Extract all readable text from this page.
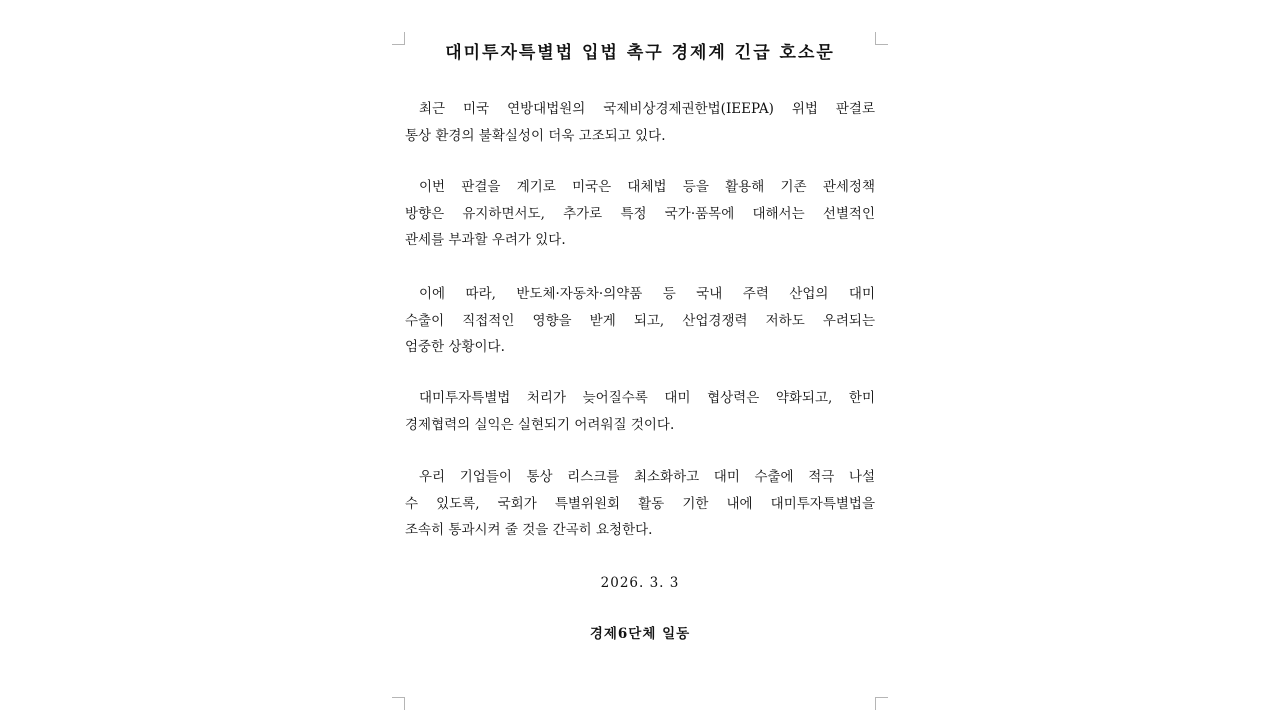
대미투자특별법 입법 촉구 경제계 긴급 호소문
최근 미국 연방대법원의 국제비상경제권한법(IEEPA) 위법 판결로
통상 환경의 불확실성이 더욱 고조되고 있다.
이번 판결을 계기로 미국은 대체법 등을 활용해 기존 관세정책
방향은 유지하면서도, 추가로 특정 국가·품목에 대해서는 선별적인
관세를 부과할 우려가 있다.
이에 따라, 반도체·자동차·의약품 등 국내 주력 산업의 대미
수출이 직접적인 영향을 받게 되고, 산업경쟁력 저하도 우려되는
엄중한 상황이다.
대미투자특별법 처리가 늦어질수록 대미 협상력은 약화되고, 한미
경제협력의 실익은 실현되기 어려워질 것이다.
우리 기업들이 통상 리스크를 최소화하고 대미 수출에 적극 나설
수 있도록, 국회가 특별위원회 활동 기한 내에 대미투자특별법을
조속히 통과시켜 줄 것을 간곡히 요청한다.
2026. 3. 3
경제6단체 일동
